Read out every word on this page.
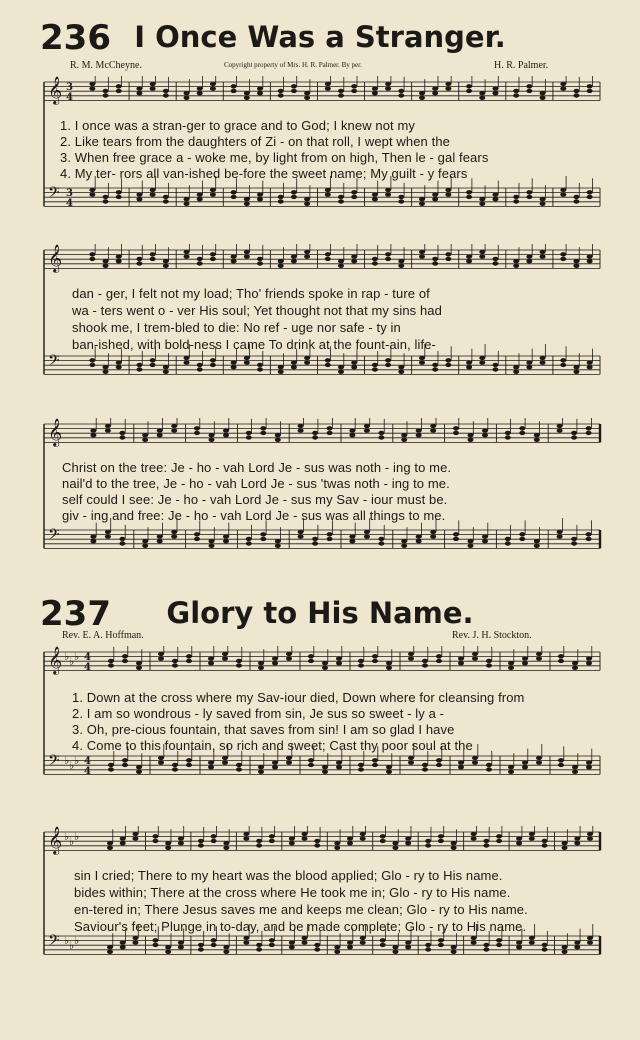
236 I Once Was a Stranger.
R. M. McCheyne.	Copyright property of Mrs. H. R. Palmer. By per.	H. R. Palmer.
𝄞 3
4
𝄢 3
4
1. I once was a stran-ger to grace and to God; I knew not my
2. Like tears from the daughters of Zi - on that roll, I wept when the
3. When free grace a - woke me, by light from on high, Then le - gal fears
4. My ter- rors all van-ished be-fore the sweet name; My guilt - y fears
𝄞
𝄢
dan - ger, I felt not my load; Tho' friends spoke in rap - ture of
wa - ters went o - ver His soul; Yet thought not that my sins had
shook me, I trem-bled to die: No ref - uge nor safe - ty in
ban-ished, with bold-ness I came To drink at the fount-ain, life-
𝄞
𝄢
Christ on the tree: Je - ho - vah Lord Je - sus was noth - ing to me.
nail'd to the tree, Je - ho - vah Lord Je - sus 'twas noth - ing to me.
self could I see: Je - ho - vah Lord Je - sus my Sav - iour must be.
giv - ing and free: Je - ho - vah Lord Je - sus was all things to me.
237	Glory to His Name.
Rev. E. A. Hoffman.	Rev. J. H. Stockton.
𝄞 ♭ ♭ ♭ 4
4
𝄢 ♭ ♭ ♭ 4
4
1. Down at the cross where my Sav-iour died, Down where for cleansing from
2. I am so wondrous - ly saved from sin, Je sus so sweet - ly a -
3. Oh, pre-cious fountain, that saves from sin! I am so glad I have
4. Come to this fountain, so rich and sweet; Cast thy poor soul at the
𝄞 ♭ ♭ ♭
𝄢 ♭ ♭ ♭
sin I cried; There to my heart was the blood applied; Glo - ry to His name.
bides within; There at the cross where He took me in; Glo - ry to His name.
en-tered in; There Jesus saves me and keeps me clean; Glo - ry to His name.
Saviour's feet; Plunge in to-day, and be made complete; Glo - ry to His name.
